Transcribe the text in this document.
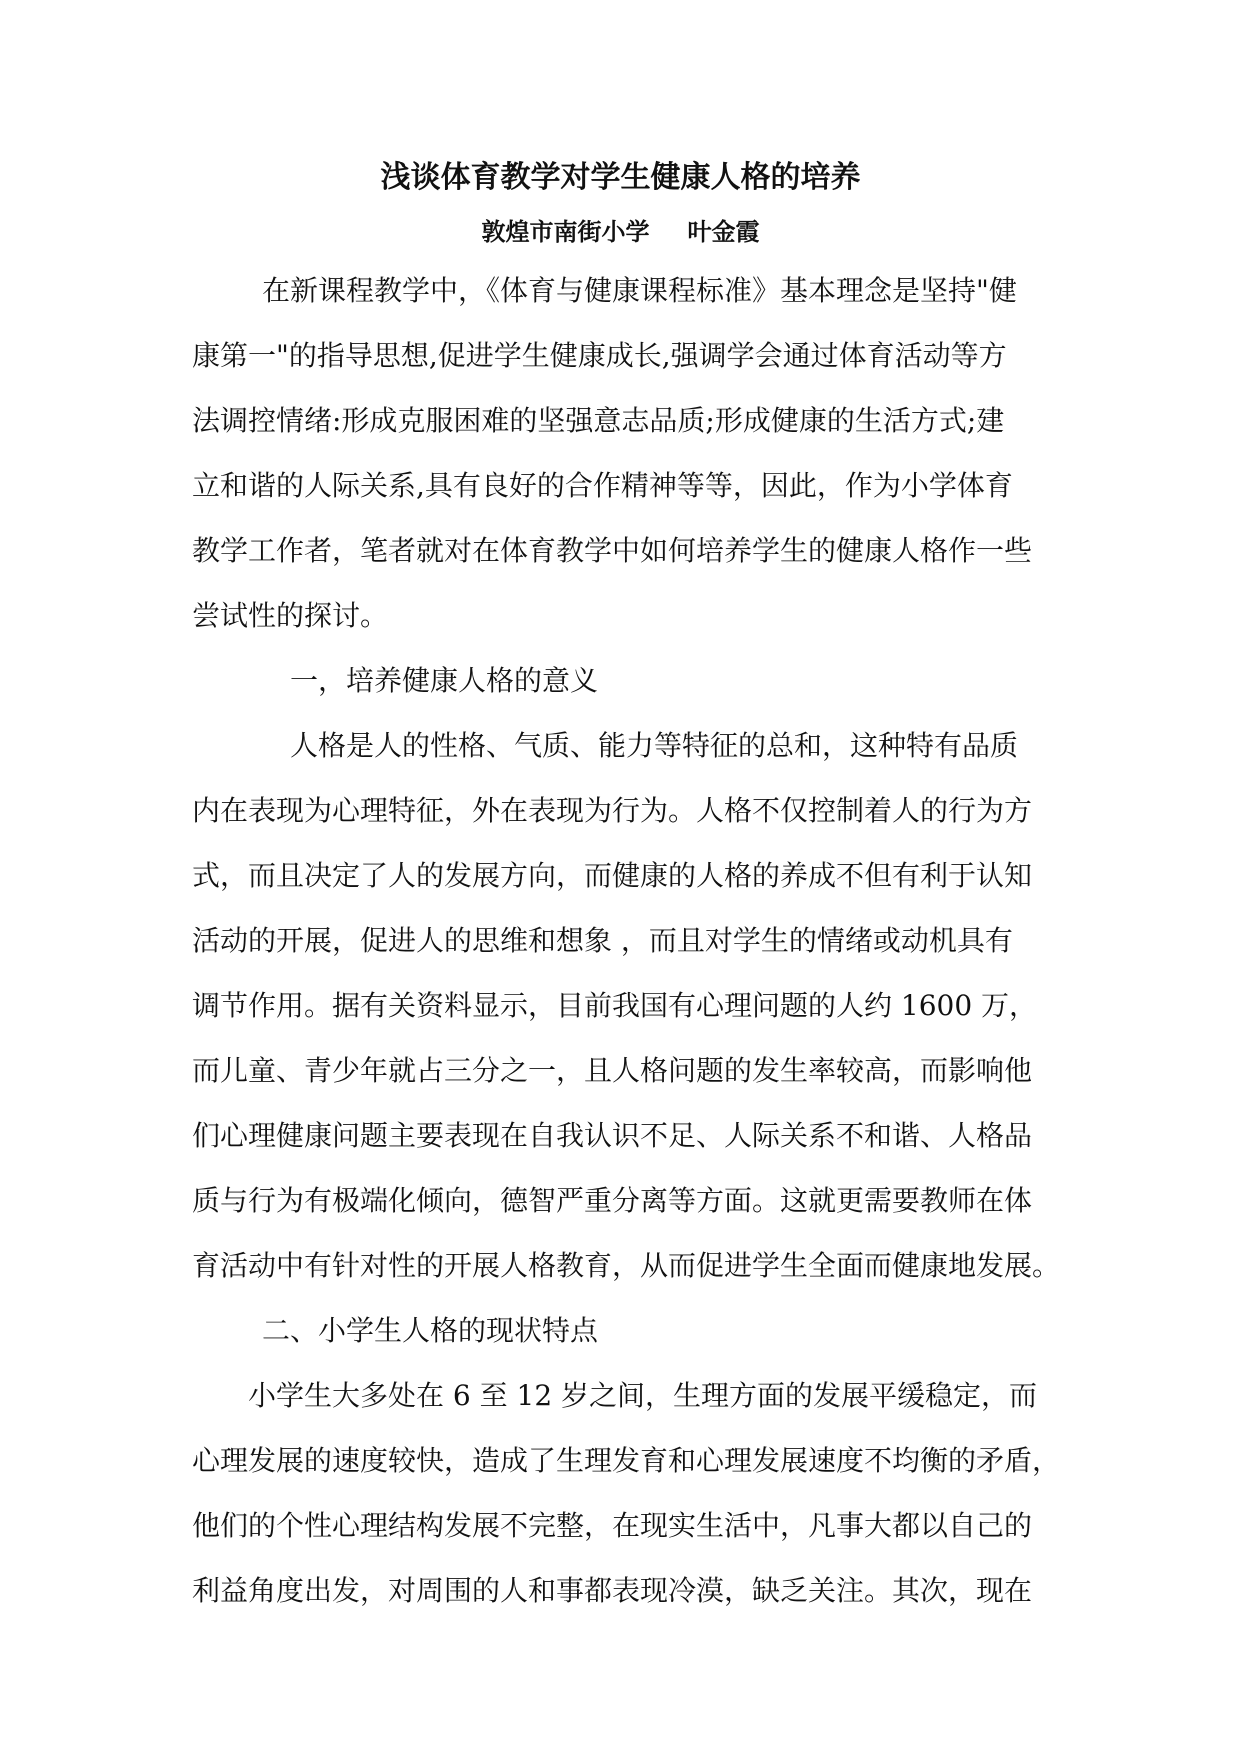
浅谈体育教学对学生健康人格的培养
敦煌市南街小学 叶金霞
在新课程教学中，《体育与健康课程标准》基本理念是坚持"健
康第一"的指导思想,促进学生健康成长,强调学会通过体育活动等方
法调控情绪:形成克服困难的坚强意志品质;形成健康的生活方式;建
立和谐的人际关系,具有良好的合作精神等等，因此，作为小学体育
教学工作者，笔者就对在体育教学中如何培养学生的健康人格作一些
尝试性的探讨。
一，培养健康人格的意义
人格是人的性格、气质、能力等特征的总和，这种特有品质
内在表现为心理特征，外在表现为行为。人格不仅控制着人的行为方
式，而且决定了人的发展方向，而健康的人格的养成不但有利于认知
活动的开展，促进人的思维和想象 ，而且对学生的情绪或动机具有
调节作用。据有关资料显示，目前我国有心理问题的人约 1600 万，
而儿童、青少年就占三分之一，且人格问题的发生率较高，而影响他
们心理健康问题主要表现在自我认识不足、人际关系不和谐、人格品
质与行为有极端化倾向，德智严重分离等方面。这就更需要教师在体
育活动中有针对性的开展人格教育，从而促进学生全面而健康地发展。
二、小学生人格的现状特点
小学生大多处在 6 至 12 岁之间，生理方面的发展平缓稳定，而
心理发展的速度较快，造成了生理发育和心理发展速度不均衡的矛盾，
他们的个性心理结构发展不完整，在现实生活中，凡事大都以自己的
利益角度出发，对周围的人和事都表现冷漠，缺乏关注。其次，现在
